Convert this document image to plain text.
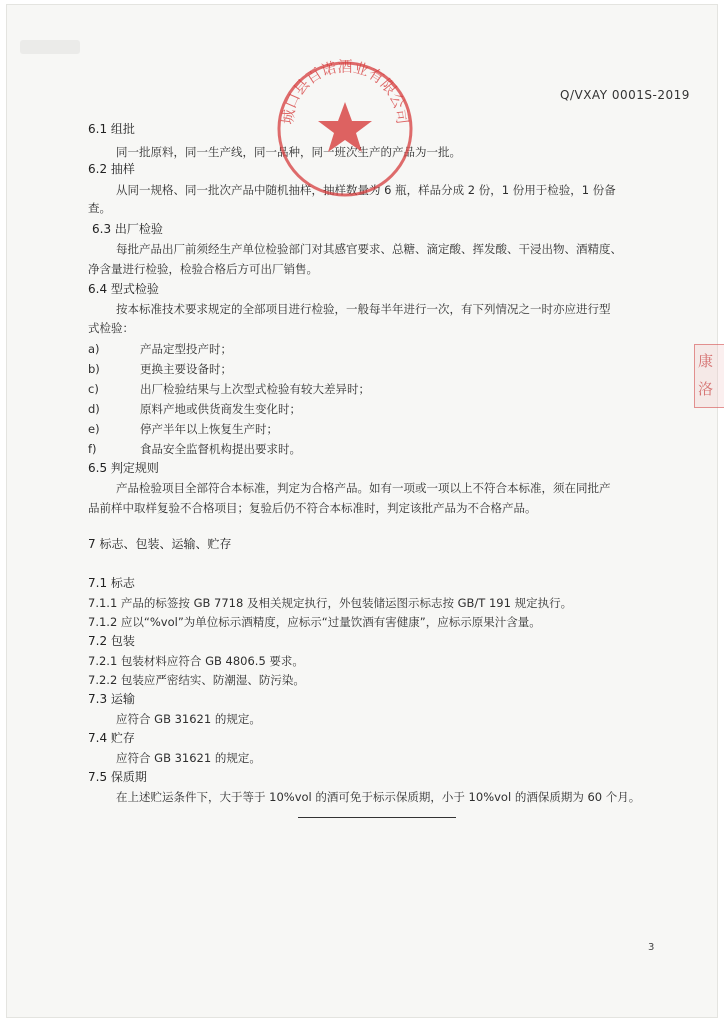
Q/VXAY 0001S-2019
6.1 组批
同一批原料，同一生产线，同一品种，同一班次生产的产品为一批。
6.2 抽样
从同一规格、同一批次产品中随机抽样，抽样数量为 6 瓶，样品分成 2 份，1 份用于检验，1 份备
查。
6.3 出厂检验
每批产品出厂前须经生产单位检验部门对其感官要求、总糖、滴定酸、挥发酸、干浸出物、酒精度、
净含量进行检验，检验合格后方可出厂销售。
6.4 型式检验
按本标准技术要求规定的全部项目进行检验，一般每半年进行一次，有下列情况之一时亦应进行型
式检验：
a)	产品定型投产时；
b)	更换主要设备时；
c)	出厂检验结果与上次型式检验有较大差异时；
d)	原料产地或供货商发生变化时；
e)	停产半年以上恢复生产时；
f)	食品安全监督机构提出要求时。
6.5 判定规则
产品检验项目全部符合本标准，判定为合格产品。如有一项或一项以上不符合本标准，须在同批产
品前样中取样复验不合格项目；复验后仍不符合本标准时，判定该批产品为不合格产品。
7 标志、包装、运输、贮存
7.1 标志
7.1.1 产品的标签按 GB 7718 及相关规定执行，外包装储运图示标志按 GB/T 191 规定执行。
7.1.2 应以“%vol”为单位标示酒精度，应标示“过量饮酒有害健康”，应标示原果汁含量。
7.2 包装
7.2.1 包装材料应符合 GB 4806.5 要求。
7.2.2 包装应严密结实、防潮湿、防污染。
7.3 运输
应符合 GB 31621 的规定。
7.4 贮存
应符合 GB 31621 的规定。
7.5 保质期
在上述贮运条件下，大于等于 10%vol 的酒可免于标示保质期，小于 10%vol 的酒保质期为 60 个月。
城口县百诺酒业有限公司
康
洛
3
